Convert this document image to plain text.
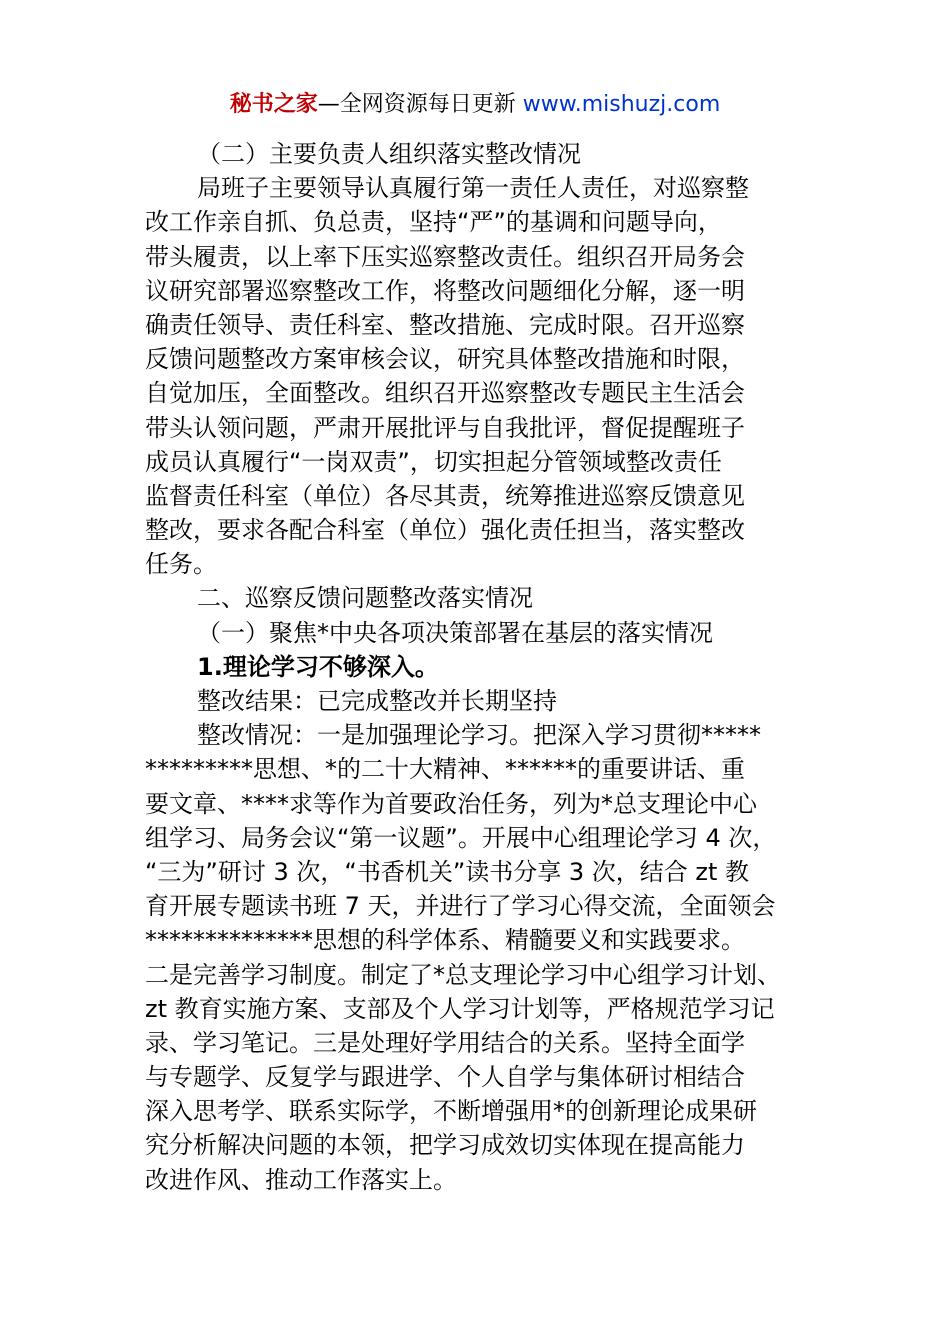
秘书之家—全网资源每日更新 www.mishuzj.com
（二）主要负责人组织落实整改情况
局班子主要领导认真履行第一责任人责任，对巡察整
改工作亲自抓、负总责，坚持“严”的基调和问题导向，
带头履责，以上率下压实巡察整改责任。组织召开局务会
议研究部署巡察整改工作，将整改问题细化分解，逐一明
确责任领导、责任科室、整改措施、完成时限。召开巡察
反馈问题整改方案审核会议，研究具体整改措施和时限，
自觉加压，全面整改。组织召开巡察整改专题民主生活会
带头认领问题，严肃开展批评与自我批评，督促提醒班子
成员认真履行“一岗双责”，切实担起分管领域整改责任
监督责任科室（单位）各尽其责，统筹推进巡察反馈意见
整改，要求各配合科室（单位）强化责任担当，落实整改
任务。
二、巡察反馈问题整改落实情况
（一）聚焦*中央各项决策部署在基层的落实情况
1.理论学习不够深入。
整改结果：已完成整改并长期坚持
整改情况：一是加强理论学习。把深入学习贯彻*****
*********思想、*的二十大精神、******的重要讲话、重
要文章、****求等作为首要政治任务，列为*总支理论中心
组学习、局务会议“第一议题”。开展中心组理论学习 4 次，
“三为”研讨 3 次，“书香机关”读书分享 3 次，结合 zt 教
育开展专题读书班 7 天，并进行了学习心得交流，全面领会
**************思想的科学体系、精髓要义和实践要求。
二是完善学习制度。制定了*总支理论学习中心组学习计划、
zt 教育实施方案、支部及个人学习计划等，严格规范学习记
录、学习笔记。三是处理好学用结合的关系。坚持全面学
与专题学、反复学与跟进学、个人自学与集体研讨相结合
深入思考学、联系实际学，不断增强用*的创新理论成果研
究分析解决问题的本领，把学习成效切实体现在提高能力
改进作风、推动工作落实上。
